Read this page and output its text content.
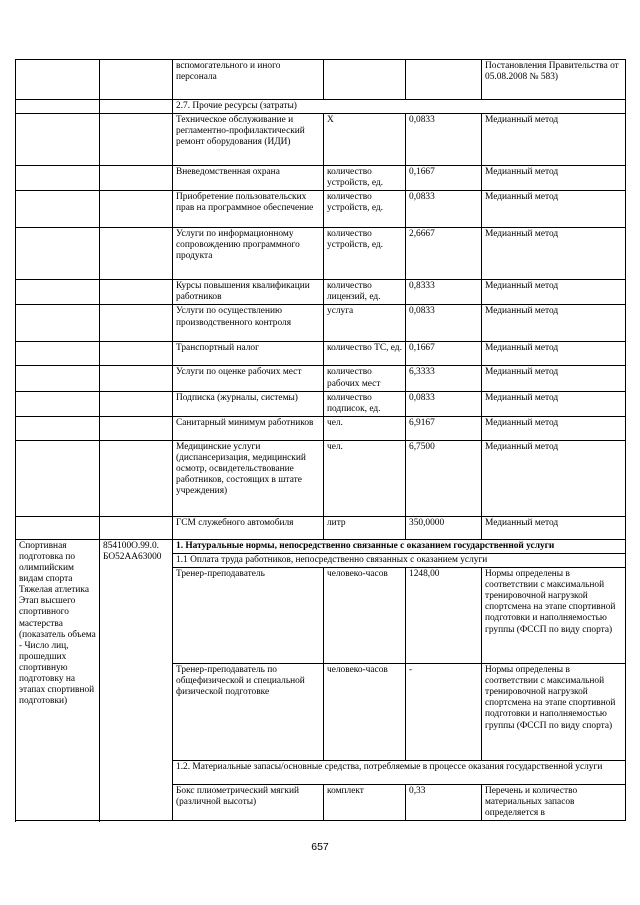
		вспомогательного и иного персонала			Постановления Правительства от 05.08.2008 № 583)
		2.7. Прочие ресурсы (затраты)			
		Техническое обслуживание и регламентно-профилактический ремонт оборудования (ИДИ)	X	0,0833	Медианный метод
		Вневедомственная охрана	количество устройств, ед.	0,1667	Медианный метод
		Приобретение пользовательских прав на программное обеспечение	количество устройств, ед.	0,0833	Медианный метод
		Услуги по информационному сопровождению программного продукта	количество устройств, ед.	2,6667	Медианный метод
		Курсы повышения квалификации работников	количество лицензий, ед.	0,8333	Медианный метод
		Услуги по осуществлению производственного контроля	услуга	0,0833	Медианный метод
		Транспортный налог	количество ТС, ед.	0,1667	Медианный метод
		Услуги по оценке рабочих мест	количество рабочих мест	6,3333	Медианный метод
		Подписка (журналы, системы)	количество подписок, ед.	0,0833	Медианный метод
		Санитарный минимум работников	чел.	6,9167	Медианный метод
		Медицинские услуги (диспансеризация, медицинский осмотр, освидетельствование работников, состоящих в штате учреждения)	чел.	6,7500	Медианный метод
		ГСМ служебного автомобиля	литр	350,0000	Медианный метод
Спортивная подготовка по олимпийским видам спорта Тяжелая атлетика Этап высшего спортивного мастерства (показатель объема - Число лиц, прошедших спортивную подготовку на этапах спортивной подготовки)	854100О.99.0. БО52АА63000	1. Натуральные нормы, непосредственно связанные с оказанием государственной услуги			
		1.1 Оплата труда работников, непосредственно связанных с оказанием услуги			
		Тренер-преподаватель	человеко-часов	1248,00	Нормы определены в соответствии с максимальной тренировочной нагрузкой спортсмена на этапе спортивной подготовки и наполняемостью группы (ФССП по виду спорта)
		Тренер-преподаватель по общефизической и специальной физической подготовке	человеко-часов	-	Нормы определены в соответствии с максимальной тренировочной нагрузкой спортсмена на этапе спортивной подготовки и наполняемостью группы (ФССП по виду спорта)
		1.2. Материальные запасы/основные средства, потребляемые в процессе оказания государственной услуги			
		Бокс плиометрический мягкий (различной высоты)	комплект	0,33	Перечень и количество материальных запасов определяется в

657
